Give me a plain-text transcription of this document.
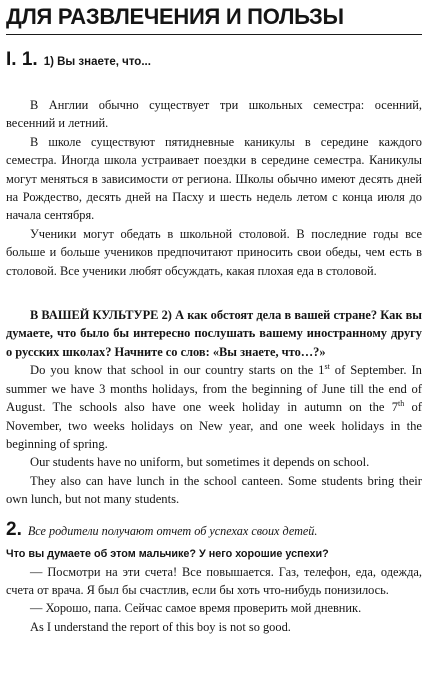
ДЛЯ РАЗВЛЕЧЕНИЯ И ПОЛЬЗЫ
I. 1. 1) Вы знаете, что...

В Англии обычно существует три школьных семестра: осенний, весенний и летний.

В школе существуют пятидневные каникулы в середине каждого семестра. Иногда школа устраивает поездки в середине семестра. Каникулы могут меняться в зависимости от региона. Школы обычно имеют десять дней на Рождество, десять дней на Пасху и шесть недель летом с конца июля до начала сентября.

Ученики могут обедать в школьной столовой. В последние годы все больше и больше учеников предпочитают приносить свои обеды, чем есть в столовой. Все ученики любят обсуждать, какая плохая еда в столовой.

В ВАШЕЙ КУЛЬТУРЕ 2) А как обстоят дела в вашей стране? Как вы думаете, что было бы интересно послушать вашему иностранному другу о русских школах? Начните со слов: «Вы знаете, что…?»

Do you know that school in our country starts on the 1st of September. In summer we have 3 months holidays, from the beginning of June till the end of August. The schools also have one week holiday in autumn on the 7th of November, two weeks holidays on New year, and one week holidays in the beginning of spring.

Our students have no uniform, but sometimes it depends on school.

They also can have lunch in the school canteen. Some students bring their own lunch, but not many students.

2. Все родители получают отчет об успехах своих детей.

Что вы думаете об этом мальчике? У него хорошие успехи?

— Посмотри на эти счета! Все повышается. Газ, телефон, еда, одежда, счета от врача. Я был бы счастлив, если бы хоть что-нибудь понизилось.

— Хорошо, папа. Сейчас самое время проверить мой дневник.

As I understand the report of this boy is not so good.
